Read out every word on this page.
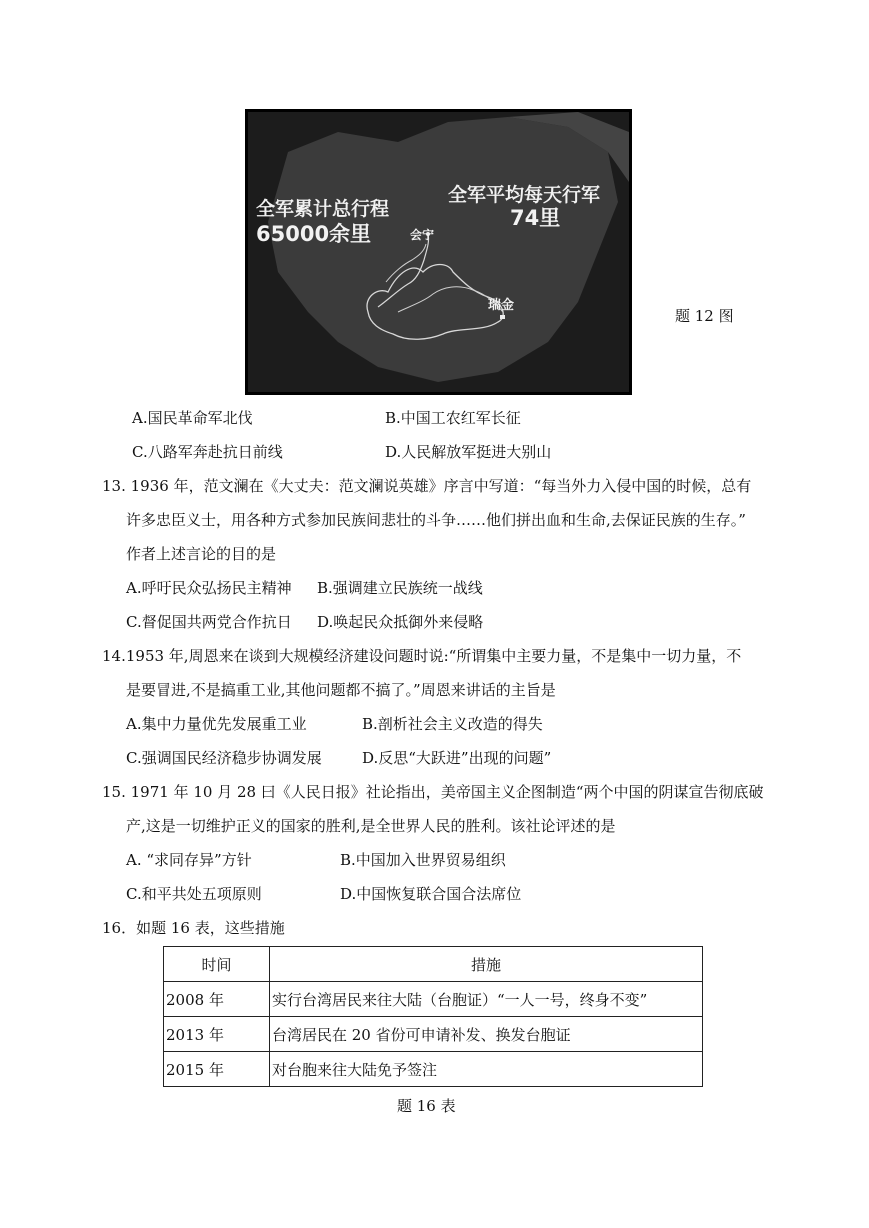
全军累计总行程
65000余里
全军平均每天行军
74里
会宁
瑞金
题 12 图
A.国民革命军北伐	B.中国工农红军长征
C.八路军奔赴抗日前线	D.人民解放军挺进大别山
13. 1936 年，范文澜在《大丈夫：范文澜说英雄》序言中写道：“每当外力入侵中国的时候，总有
许多忠臣义士，用各种方式参加民族间悲壮的斗争……他们拼出血和生命,去保证民族的生存。”
作者上述言论的目的是
A.呼吁民众弘扬民主精神 B.强调建立民族统一战线
C.督促国共两党合作抗日 D.唤起民众抵御外来侵略
14.1953 年,周恩来在谈到大规模经济建设问题时说:“所谓集中主要力量，不是集中一切力量，不
是要冒进,不是搞重工业,其他问题都不搞了。”周恩来讲话的主旨是
A.集中力量优先发展重工业	B.剖析社会主义改造的得失
C.强调国民经济稳步协调发展	D.反思“大跃进”出现的问题”
15. 1971 年 10 月 28 曰《人民日报》社论指出，美帝国主义企图制造“两个中国的阴谋宣告彻底破
产,这是一切维护正义的国家的胜利,是全世界人民的胜利。该社论评述的是
A. “求同存异”方针	B.中国加入世界贸易组织
C.和平共处五项原则	D.中国恢复联合国合法席位
16．如题 16 表，这些措施
时间	措施
2008 年	实行台湾居民来往大陆（台胞证）“一人一号，终身不变”
2013 年	台湾居民在 20 省份可申请补发、换发台胞证
2015 年	对台胞来往大陆免予签注
题 16 表
